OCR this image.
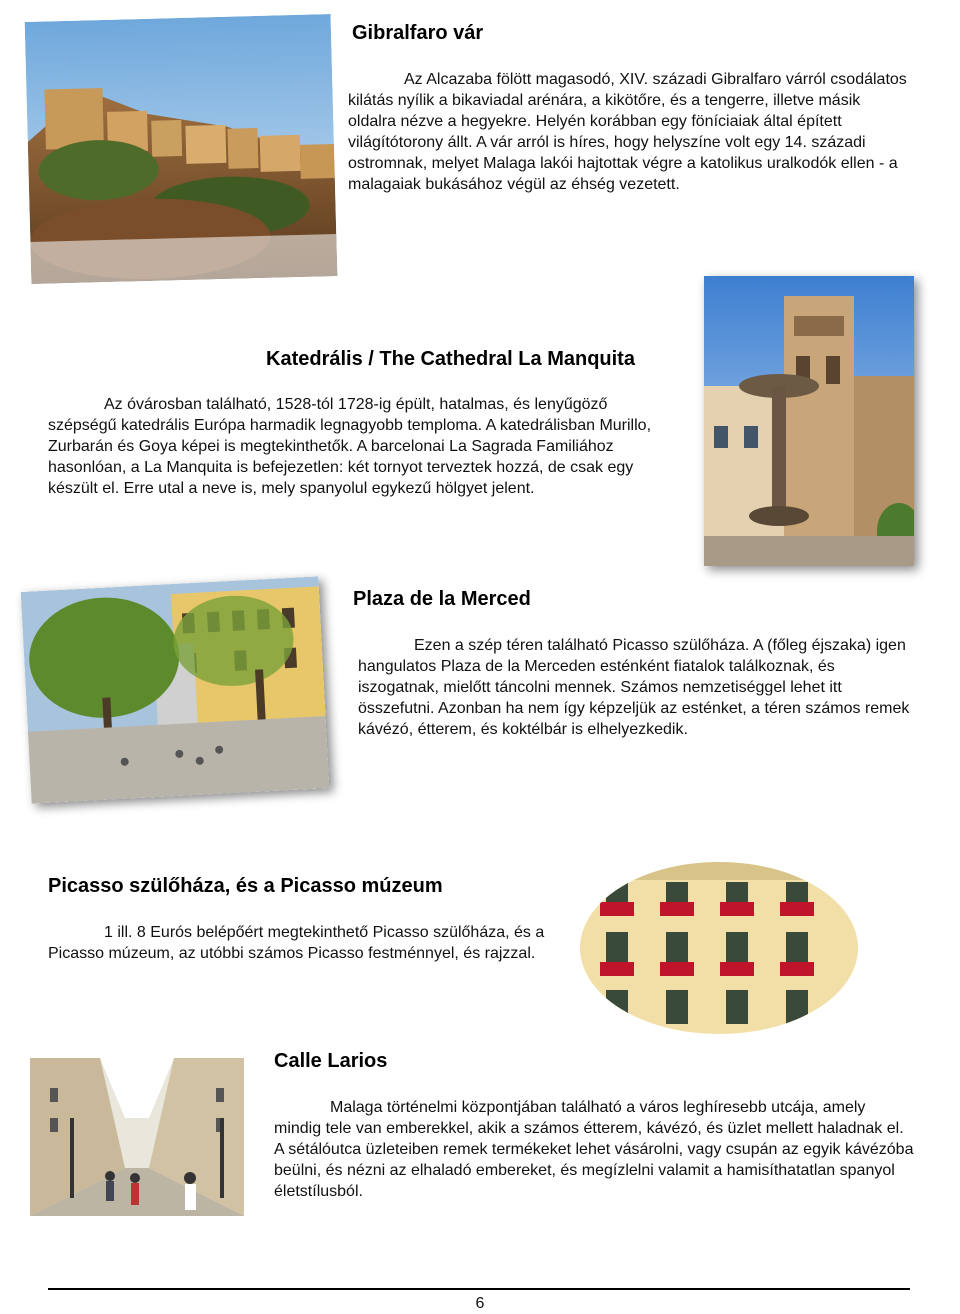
Gibralfaro vár

Az Alcazaba fölött magasodó, XIV. századi Gibralfaro várról csodálatos kilátás nyílik a bikaviadal arénára, a kikötőre, és a tengerre, illetve másik oldalra nézve a hegyekre. Helyén korábban egy föníciaiak által épített világítótorony állt. A vár arról is híres, hogy helyszíne volt egy 14. századi ostromnak, melyet Malaga lakói hajtottak végre a katolikus uralkodók ellen - a malagaiak bukásához végül az éhség vezetett.

Katedrális / The Cathedral La Manquita

Az óvárosban található, 1528-tól 1728-ig épült, hatalmas, és lenyűgöző szépségű katedrális Európa harmadik legnagyobb temploma. A katedrálisban Murillo, Zurbarán és Goya képei is megtekinthetők. A barcelonai La Sagrada Familiához hasonlóan, a La Manquita is befejezetlen: két tornyot terveztek hozzá, de csak egy készült el. Erre utal a neve is, mely spanyolul egykezű hölgyet jelent.

Plaza de la Merced

Ezen a szép téren található Picasso szülőháza. A (főleg éjszaka) igen hangulatos Plaza de la Merceden esténként fiatalok találkoznak, és iszogatnak, mielőtt táncolni mennek. Számos nemzetiséggel lehet itt összefutni. Azonban ha nem így képzeljük az esténket, a téren számos remek kávézó, étterem, és koktélbár is elhelyezkedik.

Picasso szülőháza, és a Picasso múzeum

1 ill. 8 Eurós belépőért megtekinthető Picasso szülőháza, és a Picasso múzeum, az utóbbi számos Picasso festménnyel, és rajzzal.

Calle Larios

Malaga történelmi központjában található a város leghíresebb utcája, amely mindig tele van emberekkel, akik a számos étterem, kávézó, és üzlet mellett haladnak el. A sétálóutca üzleteiben remek termékeket lehet vásárolni, vagy csupán az egyik kávézóba beülni, és nézni az elhaladó embereket, és megízlelni valamit a hamisíthatatlan spanyol életstílusból.

6
